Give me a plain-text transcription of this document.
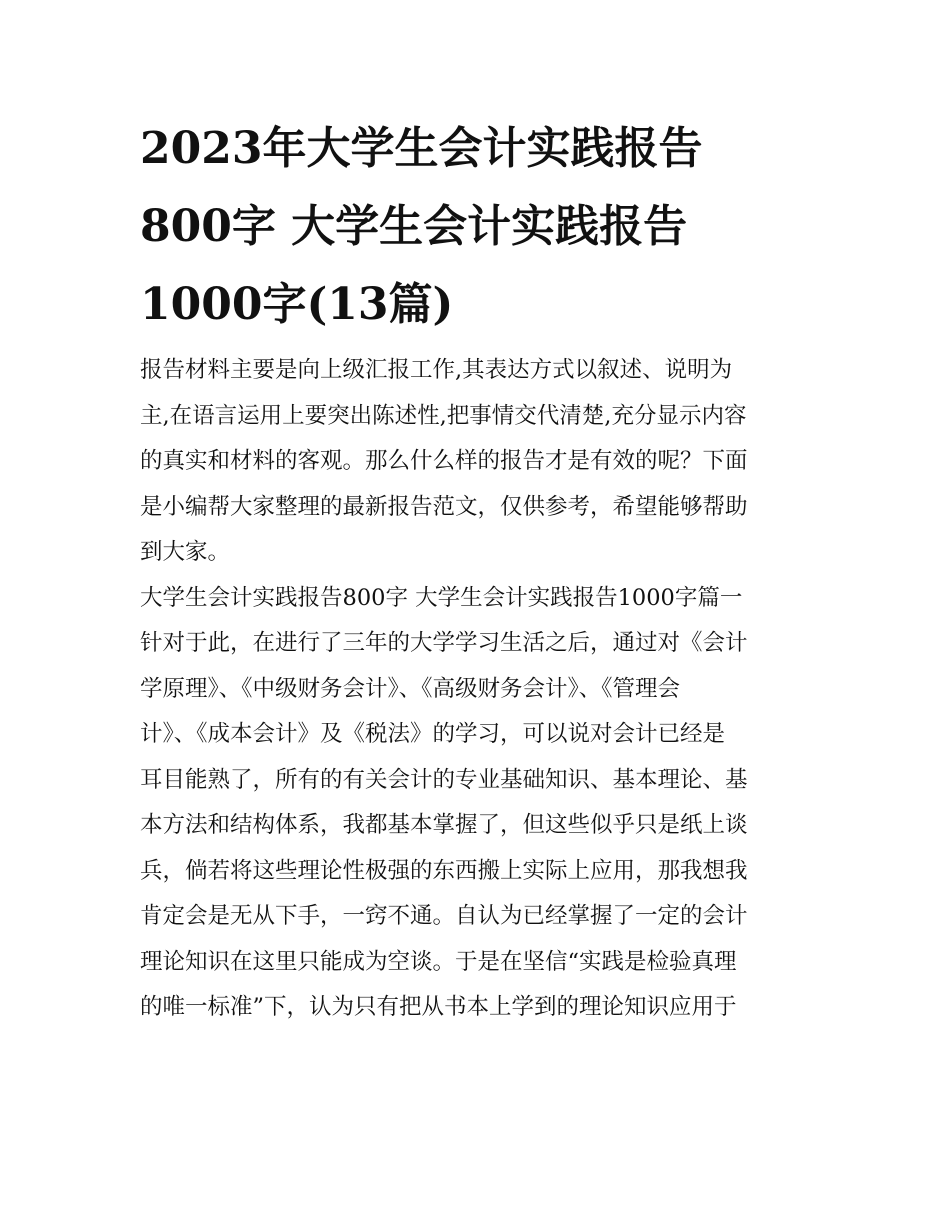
2023年大学生会计实践报告
800字 大学生会计实践报告
1000字(13篇)
报告材料主要是向上级汇报工作,其表达方式以叙述、说明为
主,在语言运用上要突出陈述性,把事情交代清楚,充分显示内容
的真实和材料的客观。那么什么样的报告才是有效的呢？下面
是小编帮大家整理的最新报告范文，仅供参考，希望能够帮助
到大家。
大学生会计实践报告800字 大学生会计实践报告1000字篇一
针对于此，在进行了三年的大学学习生活之后，通过对《会计
学原理》、《中级财务会计》、《高级财务会计》、《管理会
计》、《成本会计》及《税法》的学习，可以说对会计已经是
耳目能熟了，所有的有关会计的专业基础知识、基本理论、基
本方法和结构体系，我都基本掌握了，但这些似乎只是纸上谈
兵，倘若将这些理论性极强的东西搬上实际上应用，那我想我
肯定会是无从下手，一窍不通。自认为已经掌握了一定的会计
理论知识在这里只能成为空谈。于是在坚信“实践是检验真理
的唯一标准”下，认为只有把从书本上学到的理论知识应用于
